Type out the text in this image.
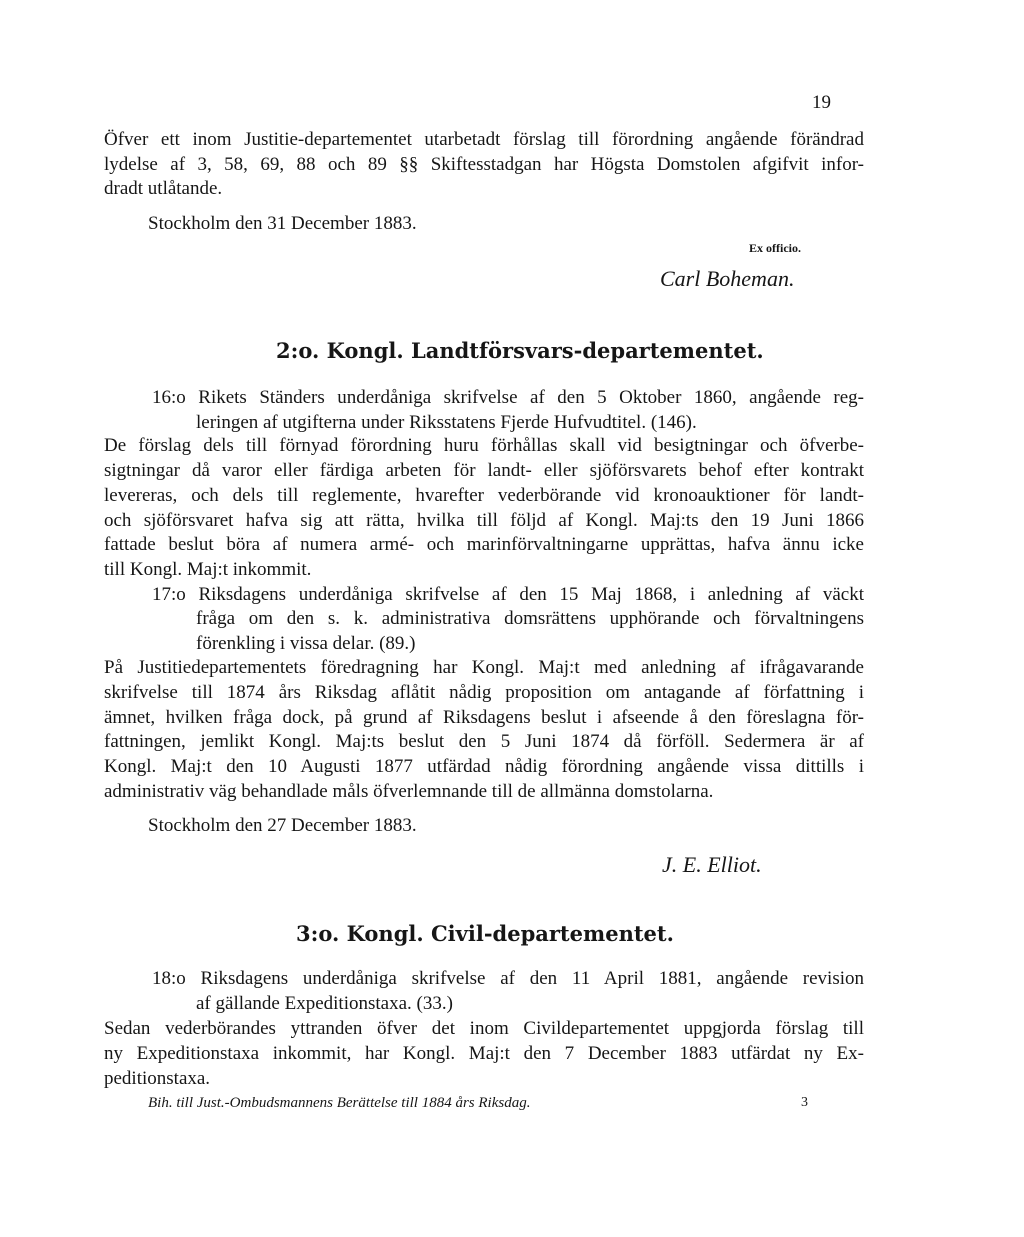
19
Öfver ett inom Justitie-departementet utarbetadt förslag till förordning angående förändrad
lydelse af 3, 58, 69, 88 och 89 §§ Skiftesstadgan har Högsta Domstolen afgifvit infor-
dradt utlåtande.
Stockholm den 31 December 1883.
Ex officio.
Carl Boheman.
2:o. Kongl. Landtförsvars-departementet.
16:o Rikets Ständers underdåniga skrifvelse af den 5 Oktober 1860, angående reg-
leringen af utgifterna under Riksstatens Fjerde Hufvudtitel. (146).
De förslag dels till förnyad förordning huru förhållas skall vid besigtningar och öfverbe-
sigtningar då varor eller färdiga arbeten för landt- eller sjöförsvarets behof efter kontrakt
levereras, och dels till reglemente, hvarefter vederbörande vid kronoauktioner för landt-
och sjöförsvaret hafva sig att rätta, hvilka till följd af Kongl. Maj:ts den 19 Juni 1866
fattade beslut böra af numera armé- och marinförvaltningarne upprättas, hafva ännu icke
till Kongl. Maj:t inkommit.
17:o Riksdagens underdåniga skrifvelse af den 15 Maj 1868, i anledning af väckt
fråga om den s. k. administrativa domsrättens upphörande och förvaltningens
förenkling i vissa delar. (89.)
På Justitiedepartementets föredragning har Kongl. Maj:t med anledning af ifrågavarande
skrifvelse till 1874 års Riksdag aflåtit nådig proposition om antagande af författning i
ämnet, hvilken fråga dock, på grund af Riksdagens beslut i afseende å den föreslagna för-
fattningen, jemlikt Kongl. Maj:ts beslut den 5 Juni 1874 då förföll. Sedermera är af
Kongl. Maj:t den 10 Augusti 1877 utfärdad nådig förordning angående vissa dittills i
administrativ väg behandlade måls öfverlemnande till de allmänna domstolarna.
Stockholm den 27 December 1883.
J. E. Elliot.
3:o. Kongl. Civil-departementet.
18:o Riksdagens underdåniga skrifvelse af den 11 April 1881, angående revision
af gällande Expeditionstaxa. (33.)
Sedan vederbörandes yttranden öfver det inom Civildepartementet uppgjorda förslag till
ny Expeditionstaxa inkommit, har Kongl. Maj:t den 7 December 1883 utfärdat ny Ex-
peditionstaxa.
Bih. till Just.-Ombudsmannens Berättelse till 1884 års Riksdag.	3
